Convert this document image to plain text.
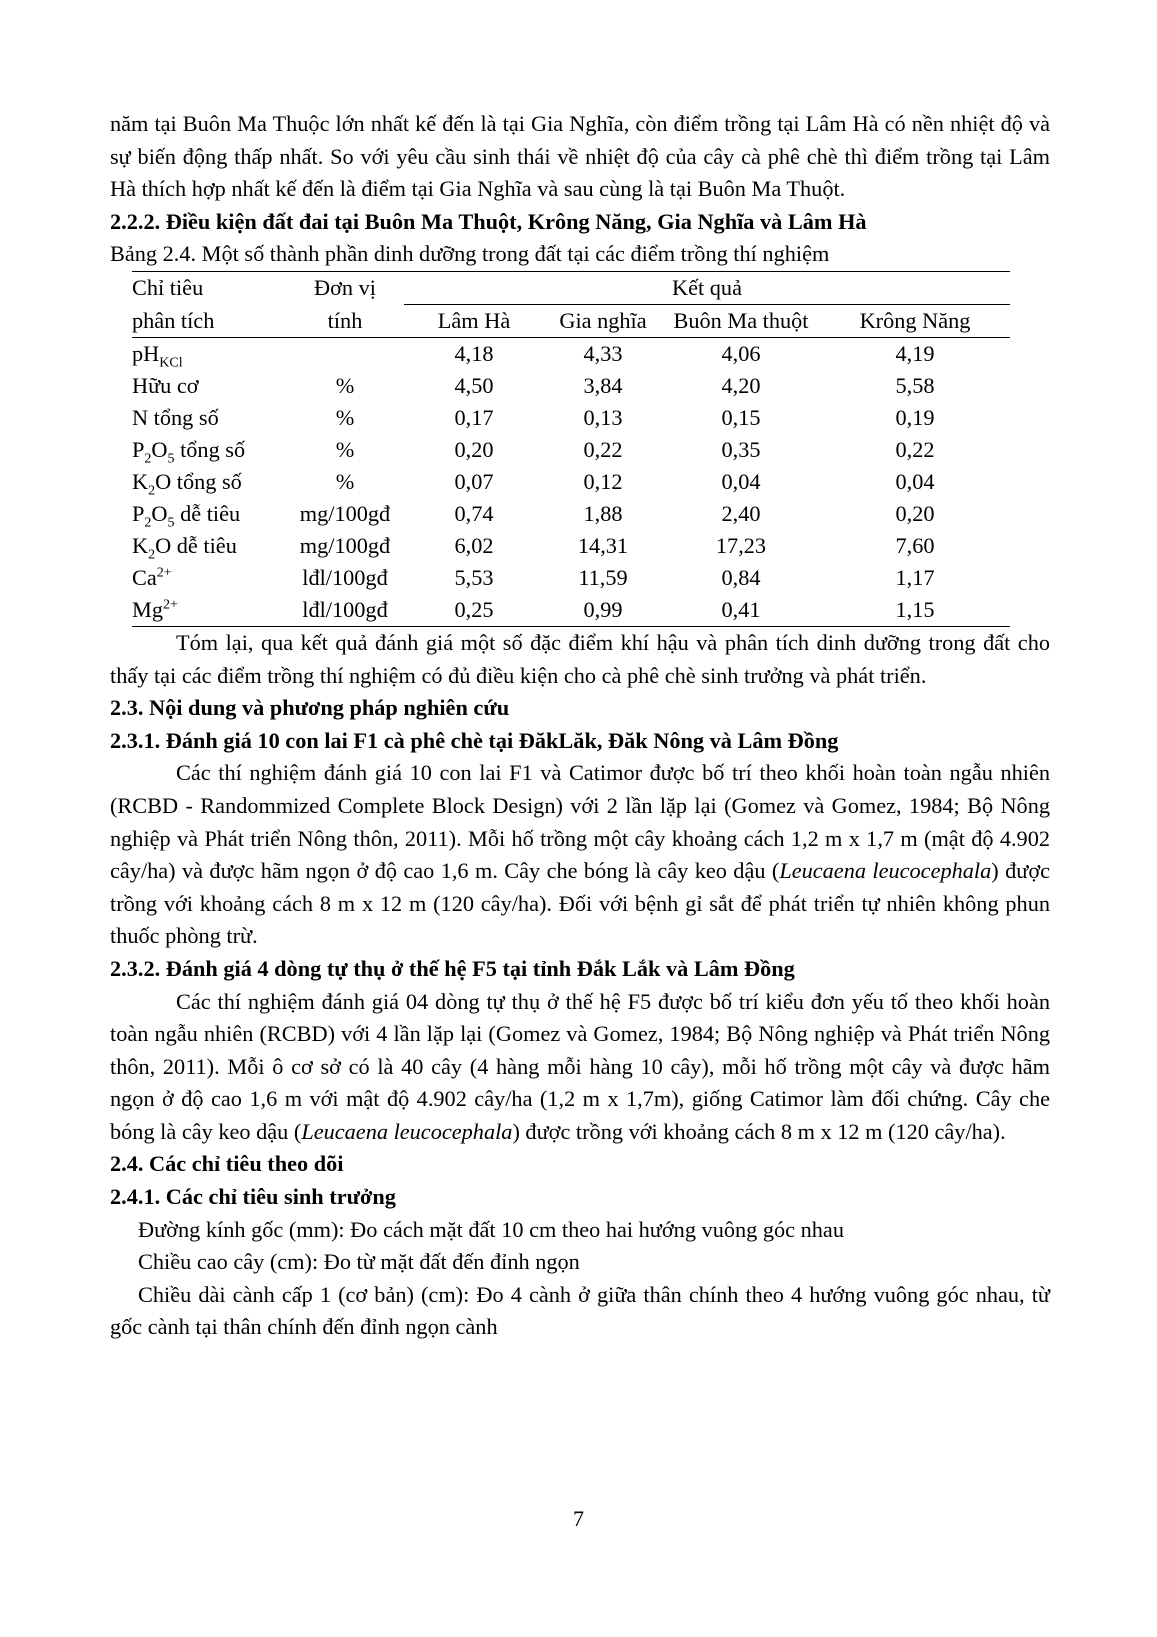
năm tại Buôn Ma Thuộc lớn nhất kế đến là tại Gia Nghĩa, còn điểm trồng tại Lâm Hà có nền nhiệt độ và sự biến động thấp nhất. So với yêu cầu sinh thái về nhiệt độ của cây cà phê chè thì điểm trồng tại Lâm Hà thích hợp nhất kế đến là điểm tại Gia Nghĩa và sau cùng là tại Buôn Ma Thuột.

2.2.2. Điều kiện đất đai tại Buôn Ma Thuột, Krông Năng, Gia Nghĩa và Lâm Hà

Bảng 2.4. Một số thành phần dinh dưỡng trong đất tại các điểm trồng thí nghiệm

Chỉ tiêu	Đơn vị	Kết quả			
phân tích	tính	Lâm Hà	Gia nghĩa	Buôn Ma thuột	Krông Năng
$pH_{KCl}$		4,18	4,33	4,06	4,19
Hữu cơ	%	4,50	3,84	4,20	5,58
N tổng số	%	0,17	0,13	0,15	0,19
$P_2O_5$ tổng số	%	0,20	0,22	0,35	0,22
$K_2O$ tổng số	%	0,07	0,12	0,04	0,04
$P_2O_5$ dễ tiêu	mg/100gđ	0,74	1,88	2,40	0,20
$K_2O$ dễ tiêu	mg/100gđ	6,02	14,31	17,23	7,60
$Ca^{2+}$	lđl/100gđ	5,53	11,59	0,84	1,17
$Mg^{2+}$	lđl/100gđ	0,25	0,99	0,41	1,15

Tóm lại, qua kết quả đánh giá một số đặc điểm khí hậu và phân tích dinh dưỡng trong đất cho thấy tại các điểm trồng thí nghiệm có đủ điều kiện cho cà phê chè sinh trưởng và phát triển.

2.3. Nội dung và phương pháp nghiên cứu

2.3.1. Đánh giá 10 con lai F1 cà phê chè tại ĐăkLăk, Đăk Nông và Lâm Đồng

Các thí nghiệm đánh giá 10 con lai F1 và Catimor được bố trí theo khối hoàn toàn ngẫu nhiên (RCBD - Randommized Complete Block Design) với 2 lần lặp lại (Gomez và Gomez, 1984; Bộ Nông nghiệp và Phát triển Nông thôn, 2011). Mỗi hố trồng một cây khoảng cách 1,2 m x 1,7 m (mật độ 4.902 cây/ha) và được hãm ngọn ở độ cao 1,6 m. Cây che bóng là cây keo dậu (Leucaena leucocephala) được trồng với khoảng cách 8 m x 12 m (120 cây/ha). Đối với bệnh gỉ sắt để phát triển tự nhiên không phun thuốc phòng trừ.

2.3.2. Đánh giá 4 dòng tự thụ ở thế hệ F5 tại tỉnh Đắk Lắk và Lâm Đồng

Các thí nghiệm đánh giá 04 dòng tự thụ ở thế hệ F5 được bố trí kiểu đơn yếu tố theo khối hoàn toàn ngẫu nhiên (RCBD) với 4 lần lặp lại (Gomez và Gomez, 1984; Bộ Nông nghiệp và Phát triển Nông thôn, 2011). Mỗi ô cơ sở có là 40 cây (4 hàng mỗi hàng 10 cây), mỗi hố trồng một cây và được hãm ngọn ở độ cao 1,6 m với mật độ 4.902 cây/ha (1,2 m x 1,7m), giống Catimor làm đối chứng. Cây che bóng là cây keo dậu (Leucaena leucocephala) được trồng với khoảng cách 8 m x 12 m (120 cây/ha).

2.4. Các chỉ tiêu theo dõi

2.4.1. Các chỉ tiêu sinh trưởng

Đường kính gốc (mm): Đo cách mặt đất 10 cm theo hai hướng vuông góc nhau

Chiều cao cây (cm): Đo từ mặt đất đến đỉnh ngọn

Chiều dài cành cấp 1 (cơ bản) (cm): Đo 4 cành ở giữa thân chính theo 4 hướng vuông góc nhau, từ gốc cành tại thân chính đến đỉnh ngọn cành

7
